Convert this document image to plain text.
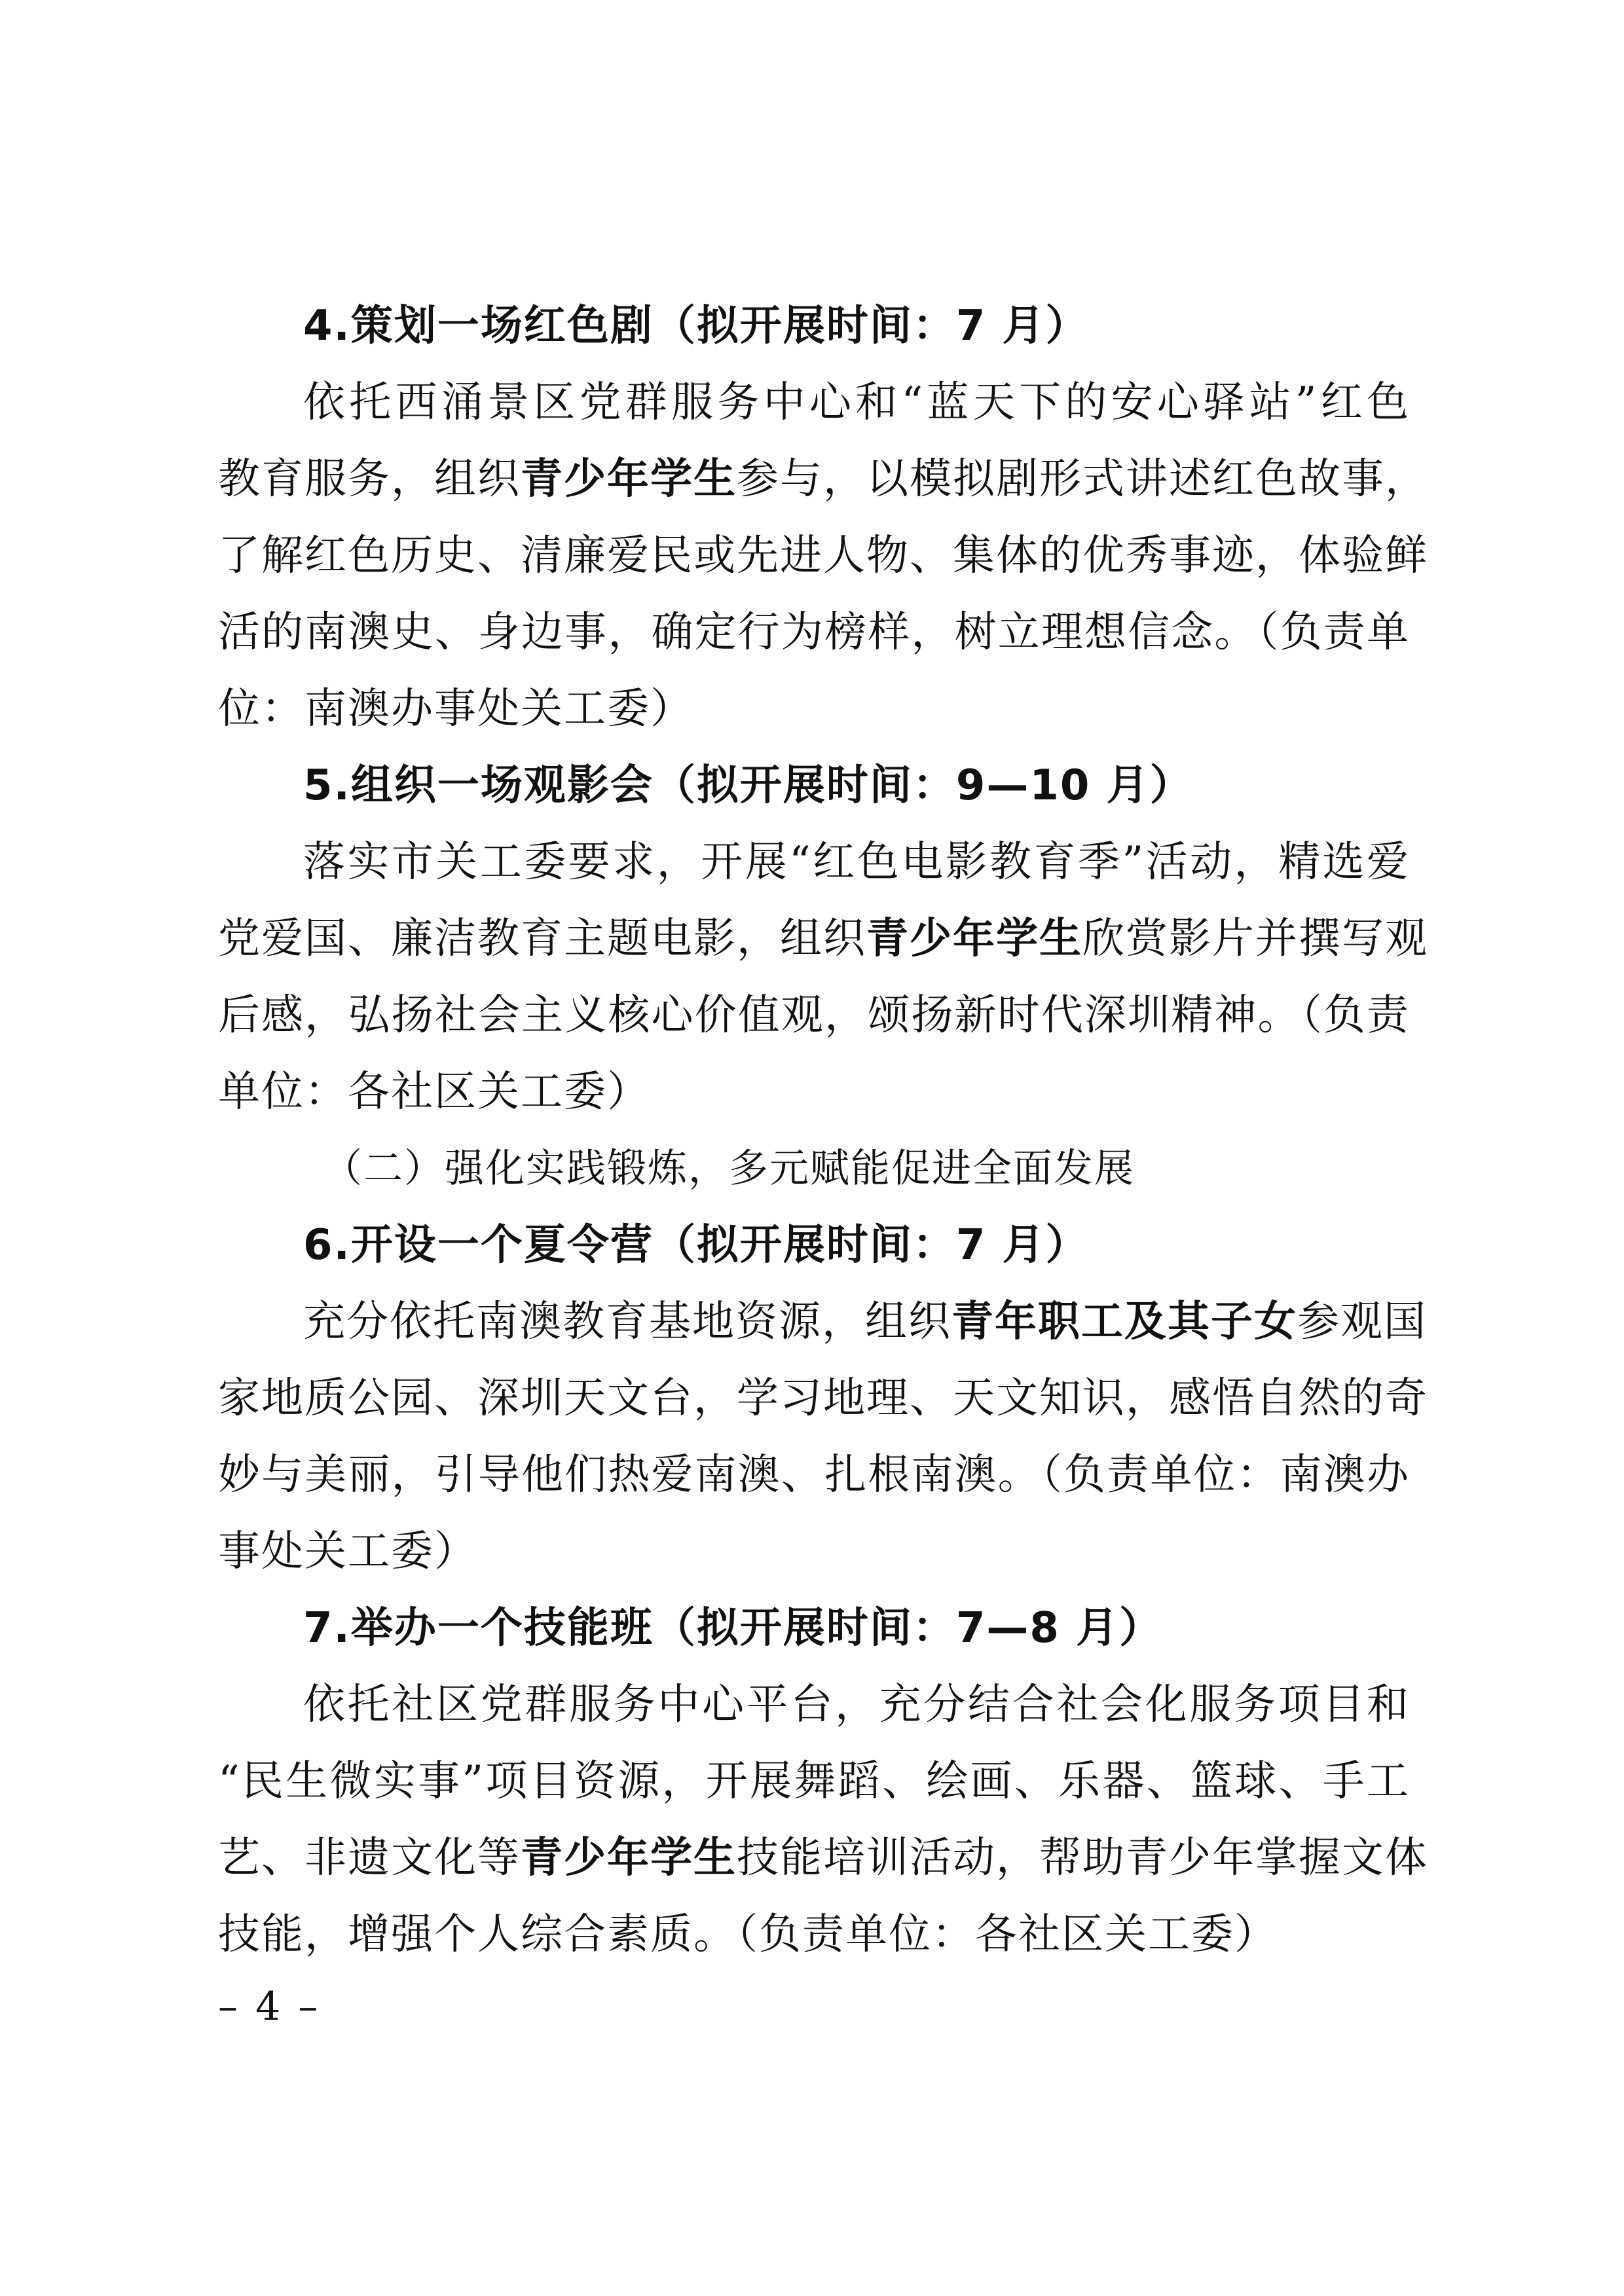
4.策划一场红色剧（拟开展时间：7 月）
依托西涌景区党群服务中心和“蓝天下的安心驿站”红色
教育服务，组织青少年学生参与，以模拟剧形式讲述红色故事，
了解红色历史、清廉爱民或先进人物、集体的优秀事迹，体验鲜
活的南澳史、身边事，确定行为榜样，树立理想信念。（负责单
位：南澳办事处关工委）
5.组织一场观影会（拟开展时间：9—10 月）
落实市关工委要求，开展“红色电影教育季”活动，精选爱
党爱国、廉洁教育主题电影，组织青少年学生欣赏影片并撰写观
后感，弘扬社会主义核心价值观，颂扬新时代深圳精神。（负责
单位：各社区关工委）
（二）强化实践锻炼，多元赋能促进全面发展
6.开设一个夏令营（拟开展时间：7 月）
充分依托南澳教育基地资源，组织青年职工及其子女参观国
家地质公园、深圳天文台，学习地理、天文知识，感悟自然的奇
妙与美丽，引导他们热爱南澳、扎根南澳。（负责单位：南澳办
事处关工委）
7.举办一个技能班（拟开展时间：7—8 月）
依托社区党群服务中心平台，充分结合社会化服务项目和
“民生微实事”项目资源，开展舞蹈、绘画、乐器、篮球、手工
艺、非遗文化等青少年学生技能培训活动，帮助青少年掌握文体
技能，增强个人综合素质。（负责单位：各社区关工委）
– 4 –
